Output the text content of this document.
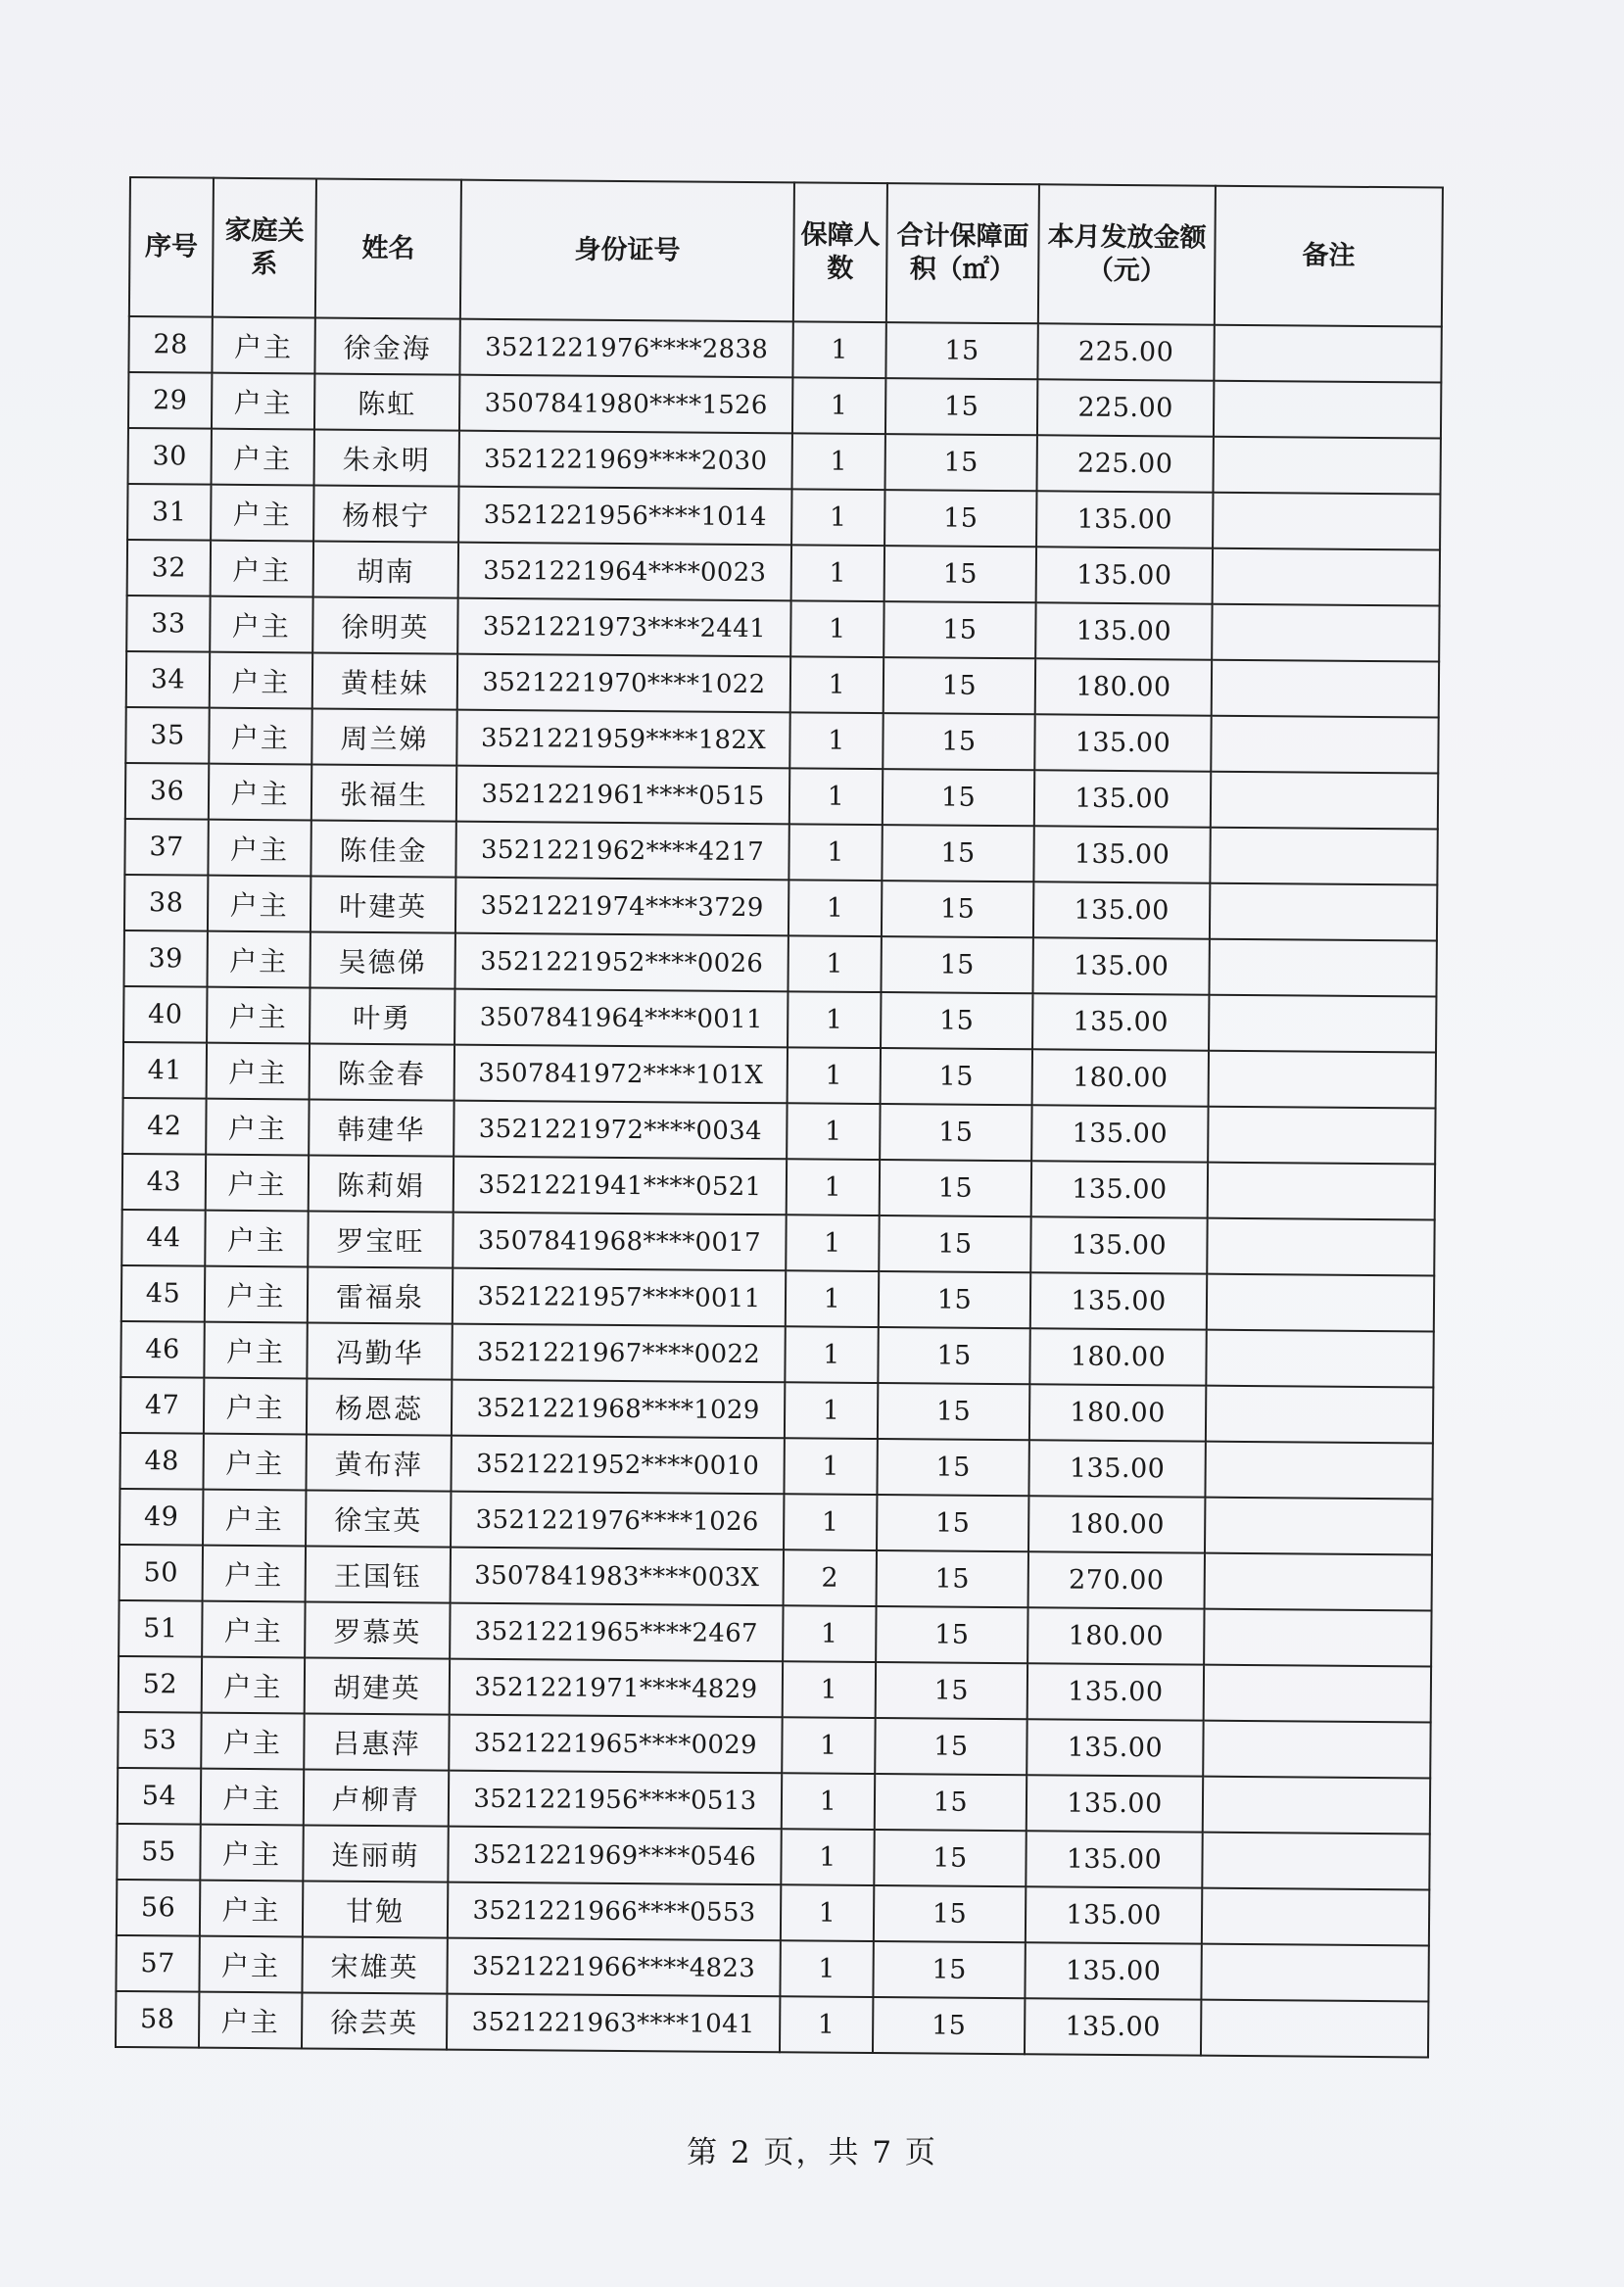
序号	家庭关系	姓名	身份证号	保障人数	合计保障面积（㎡）	本月发放金额（元）	备注
28	户主	徐金海	3521221976****2838	1	15	225.00	
29	户主	陈虹	3507841980****1526	1	15	225.00	
30	户主	朱永明	3521221969****2030	1	15	225.00	
31	户主	杨根宁	3521221956****1014	1	15	135.00	
32	户主	胡南	3521221964****0023	1	15	135.00	
33	户主	徐明英	3521221973****2441	1	15	135.00	
34	户主	黄桂妹	3521221970****1022	1	15	180.00	
35	户主	周兰娣	3521221959****182X	1	15	135.00	
36	户主	张福生	3521221961****0515	1	15	135.00	
37	户主	陈佳金	3521221962****4217	1	15	135.00	
38	户主	叶建英	3521221974****3729	1	15	135.00	
39	户主	吴德俤	3521221952****0026	1	15	135.00	
40	户主	叶勇	3507841964****0011	1	15	135.00	
41	户主	陈金春	3507841972****101X	1	15	180.00	
42	户主	韩建华	3521221972****0034	1	15	135.00	
43	户主	陈莉娟	3521221941****0521	1	15	135.00	
44	户主	罗宝旺	3507841968****0017	1	15	135.00	
45	户主	雷福泉	3521221957****0011	1	15	135.00	
46	户主	冯勤华	3521221967****0022	1	15	180.00	
47	户主	杨恩蕊	3521221968****1029	1	15	180.00	
48	户主	黄布萍	3521221952****0010	1	15	135.00	
49	户主	徐宝英	3521221976****1026	1	15	180.00	
50	户主	王国钰	3507841983****003X	2	15	270.00	
51	户主	罗慕英	3521221965****2467	1	15	180.00	
52	户主	胡建英	3521221971****4829	1	15	135.00	
53	户主	吕惠萍	3521221965****0029	1	15	135.00	
54	户主	卢柳青	3521221956****0513	1	15	135.00	
55	户主	连丽萌	3521221969****0546	1	15	135.00	
56	户主	甘勉	3521221966****0553	1	15	135.00	
57	户主	宋雄英	3521221966****4823	1	15	135.00	
58	户主	徐芸英	3521221963****1041	1	15	135.00	
第 2 页，共 7 页
